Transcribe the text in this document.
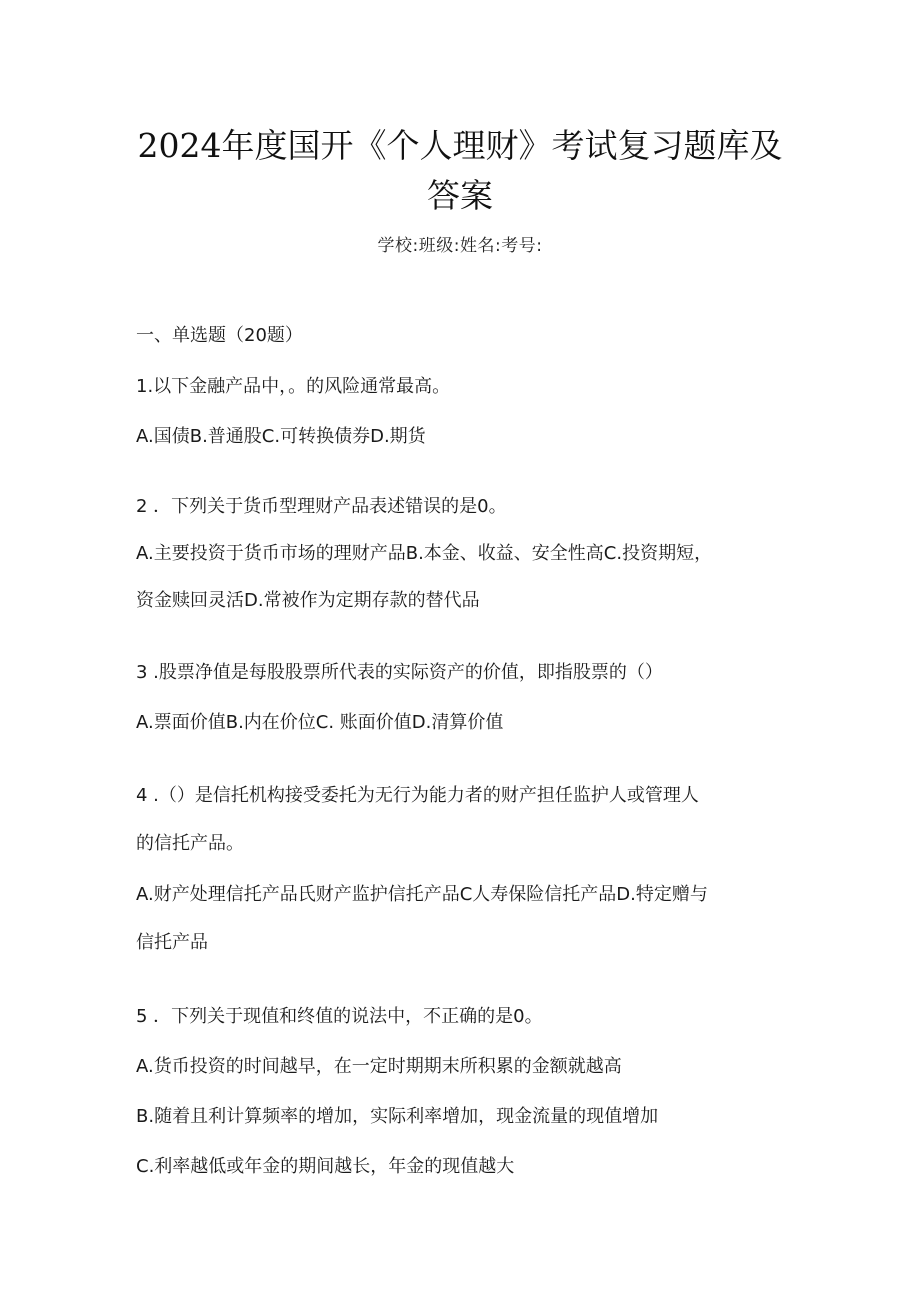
2024年度国开《个人理财》考试复习题库及
答案
学校:班级:姓名:考号:
一、单选题（20题）
1.以下金融产品中，。的风险通常最高。
A.国债B.普通股C.可转换债券D.期货
2 ．下列关于货币型理财产品表述错误的是0。
A.主要投资于货币市场的理财产品B.本金、收益、安全性高C.投资期短，
资金赎回灵活D.常被作为定期存款的替代品
3 .股票净值是每股股票所代表的实际资产的价值，即指股票的（）
A.票面价值B.内在价位C. 账面价值D.清算价值
4 .（）是信托机构接受委托为无行为能力者的财产担任监护人或管理人
的信托产品。
A.财产处理信托产品氏财产监护信托产品C人寿保险信托产品D.特定赠与
信托产品
5 ．下列关于现值和终值的说法中，不正确的是0。
A.货币投资的时间越早，在一定时期期末所积累的金额就越高
B.随着且利计算频率的增加，实际利率增加，现金流量的现值增加
C.利率越低或年金的期间越长，年金的现值越大
